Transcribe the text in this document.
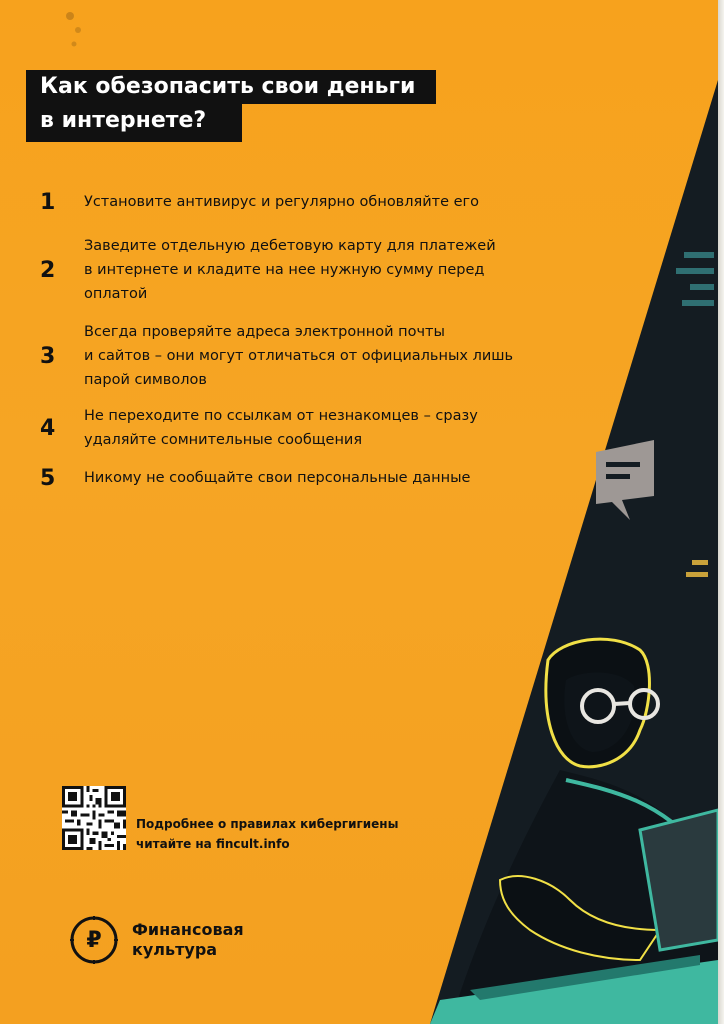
Как обезопасить свои деньги
в интернете?
1	Установите антивирус и регулярно обновляйте его
2
Заведите отдельную дебетовую карту для платежей
в интернете и кладите на нее нужную сумму перед
оплатой
3
Всегда проверяйте адреса электронной почты
и сайтов – они могут отличаться от официальных лишь
парой символов
4	Не переходите по ссылкам от незнакомцев – сразу
удаляйте сомнительные сообщения
5	Никому не сообщайте свои персональные данные
Подробнее о правилах кибергигиены
читайте на fincult.info
₽ Финансовая
культура
